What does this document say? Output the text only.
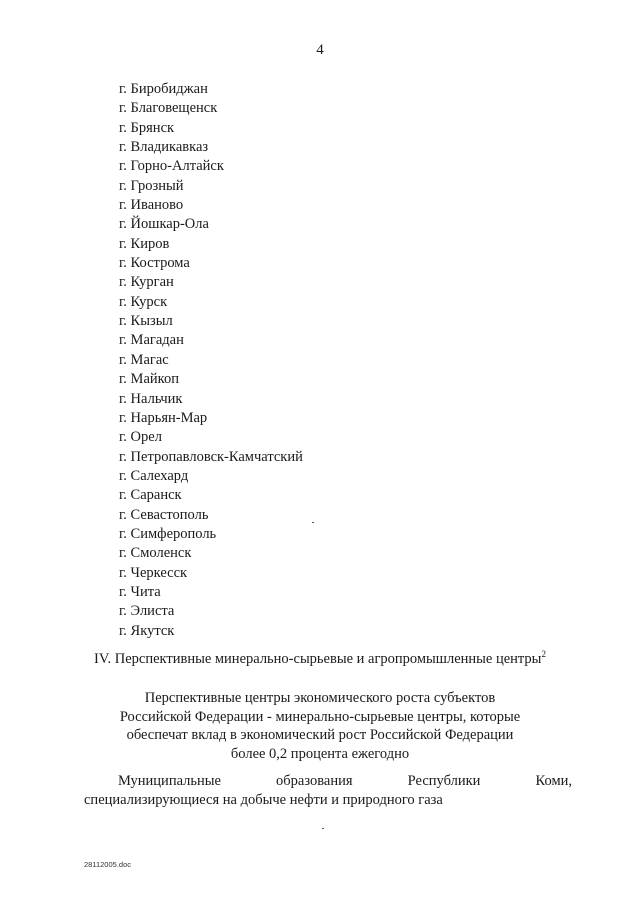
4
г. Биробиджан
г. Благовещенск
г. Брянск
г. Владикавказ
г. Горно-Алтайск
г. Грозный
г. Иваново
г. Йошкар-Ола
г. Киров
г. Кострома
г. Курган
г. Курск
г. Кызыл
г. Магадан
г. Магас
г. Майкоп
г. Нальчик
г. Нарьян-Мар
г. Орел
г. Петропавловск-Камчатский
г. Салехард
г. Саранск
г. Севастополь
г. Симферополь
г. Смоленск
г. Черкесск
г. Чита
г. Элиста
г. Якутск
IV. Перспективные минерально-сырьевые и агропромышленные центры$^2$
Перспективные центры экономического роста субъектов
Российской Федерации - минерально-сырьевые центры, которые
обеспечат вклад в экономический рост Российской Федерации
более 0,2 процента ежегодно
Муниципальные	образования	Республики	Коми,
специализирующиеся на добыче нефти и природного газа
28112005.doc
